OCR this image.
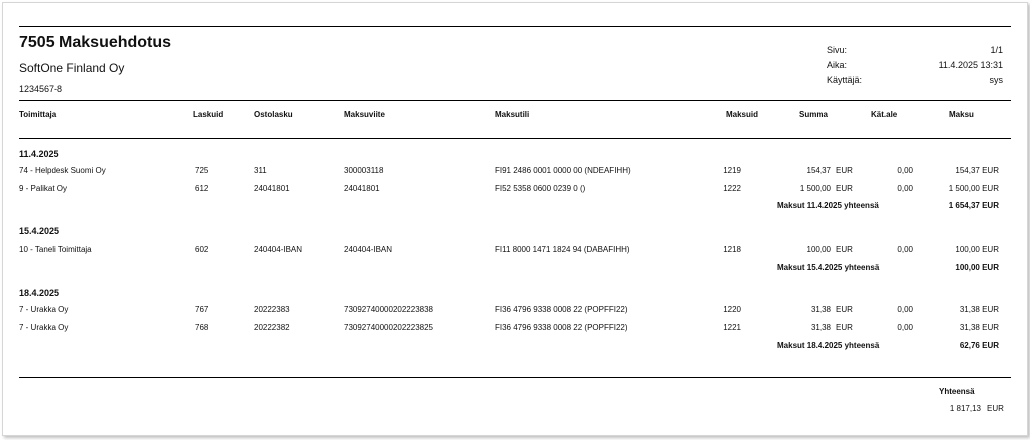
7505 Maksuehdotus
SoftOne Finland Oy
1234567-8
Sivu:	1/1
Aika:	11.4.2025 13:31
Käyttäjä:	sys
Toimittaja	Laskuid	Ostolasku	Maksuviite	Maksutili	Maksuid	Summa	Kät.ale	Maksu
11.4.2025
74 - Helpdesk Suomi Oy	725	311	300003118	FI91 2486 0001 0000 00 (NDEAFIHH)	1219	154,37 EUR	0,00	154,37 EUR
9 - Palikat Oy	612	24041801	24041801	FI52 5358 0600 0239 0 ()	1222	1 500,00 EUR	0,00	1 500,00 EUR
Maksut 11.4.2025 yhteensä	1 654,37 EUR
15.4.2025
10 - Taneli Toimittaja	602	240404-IBAN	240404-IBAN	FI11 8000 1471 1824 94 (DABAFIHH)	1218	100,00 EUR	0,00	100,00 EUR
Maksut 15.4.2025 yhteensä	100,00 EUR
18.4.2025
7 - Urakka Oy	767	20222383	73092740000202223838	FI36 4796 9338 0008 22 (POPFFI22)	1220	31,38 EUR	0,00	31,38 EUR
7 - Urakka Oy	768	20222382	73092740000202223825	FI36 4796 9338 0008 22 (POPFFI22)	1221	31,38 EUR	0,00	31,38 EUR
Maksut 18.4.2025 yhteensä	62,76 EUR
Yhteensä
1 817,13 EUR
